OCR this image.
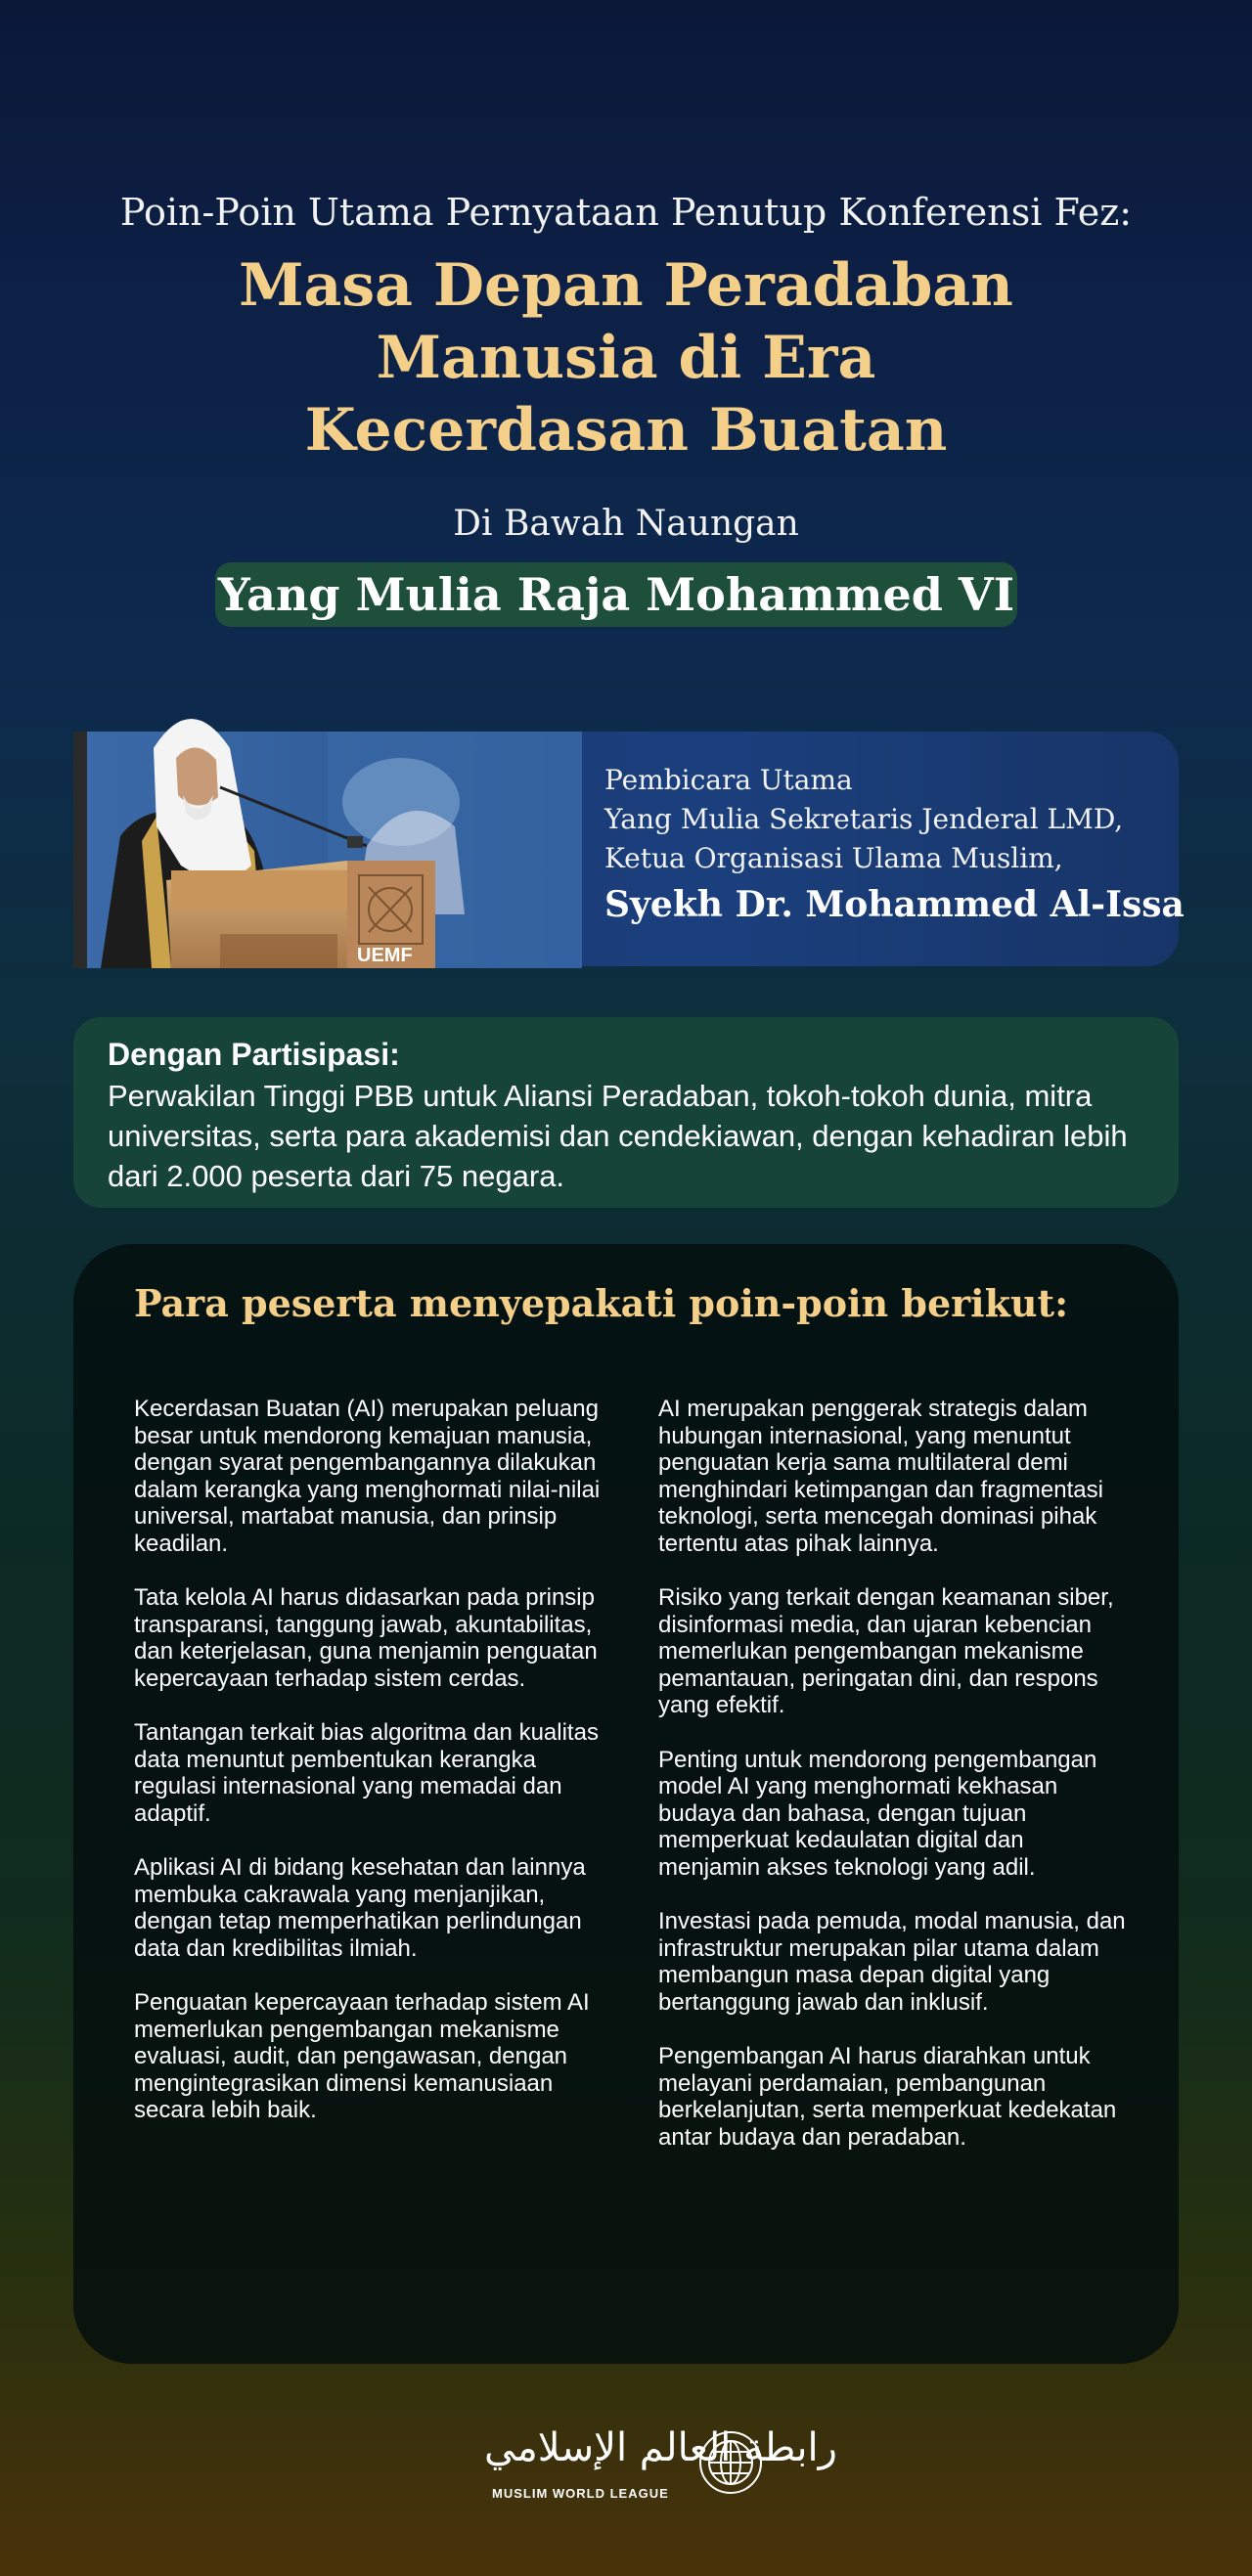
Poin-Poin Utama Pernyataan Penutup Konferensi Fez:
Masa Depan Peradaban
Manusia di Era
Kecerdasan Buatan
Di Bawah Naungan
Yang Mulia Raja Mohammed VI
UEMF
Pembicara Utama
Yang Mulia Sekretaris Jenderal LMD,
Ketua Organisasi Ulama Muslim,
Syekh Dr. Mohammed Al-Issa
Dengan Partisipasi:
Perwakilan Tinggi PBB untuk Aliansi Peradaban, tokoh-tokoh dunia, mitra universitas, serta para akademisi dan cendekiawan, dengan kehadiran lebih dari 2.000 peserta dari 75 negara.
Para peserta menyepakati poin-poin berikut:

Kecerdasan Buatan (AI) merupakan peluang besar untuk mendorong kemajuan manusia, dengan syarat pengembangannya dilakukan dalam kerangka yang menghormati nilai-nilai universal, martabat manusia, dan prinsip keadilan.

Tata kelola AI harus didasarkan pada prinsip transparansi, tanggung jawab, akuntabilitas, dan keterjelasan, guna menjamin penguatan kepercayaan terhadap sistem cerdas.

Tantangan terkait bias algoritma dan kualitas data menuntut pembentukan kerangka regulasi internasional yang memadai dan adaptif.

Aplikasi AI di bidang kesehatan dan lainnya membuka cakrawala yang menjanjikan, dengan tetap memperhatikan perlindungan data dan kredibilitas ilmiah.

Penguatan kepercayaan terhadap sistem AI memerlukan pengembangan mekanisme evaluasi, audit, dan pengawasan, dengan mengintegrasikan dimensi kemanusiaan secara lebih baik.

AI merupakan penggerak strategis dalam hubungan internasional, yang menuntut penguatan kerja sama multilateral demi menghindari ketimpangan dan fragmentasi teknologi, serta mencegah dominasi pihak tertentu atas pihak lainnya.

Risiko yang terkait dengan keamanan siber, disinformasi media, dan ujaran kebencian memerlukan pengembangan mekanisme pemantauan, peringatan dini, dan respons yang efektif.

Penting untuk mendorong pengembangan model AI yang menghormati kekhasan budaya dan bahasa, dengan tujuan memperkuat kedaulatan digital dan menjamin akses teknologi yang adil.

Investasi pada pemuda, modal manusia, dan infrastruktur merupakan pilar utama dalam membangun masa depan digital yang bertanggung jawab dan inklusif.

Pengembangan AI harus diarahkan untuk melayani perdamaian, pembangunan berkelanjutan, serta memperkuat kedekatan antar budaya dan peradaban.

رابطة العالم الإسلامي
MUSLIM WORLD LEAGUE
